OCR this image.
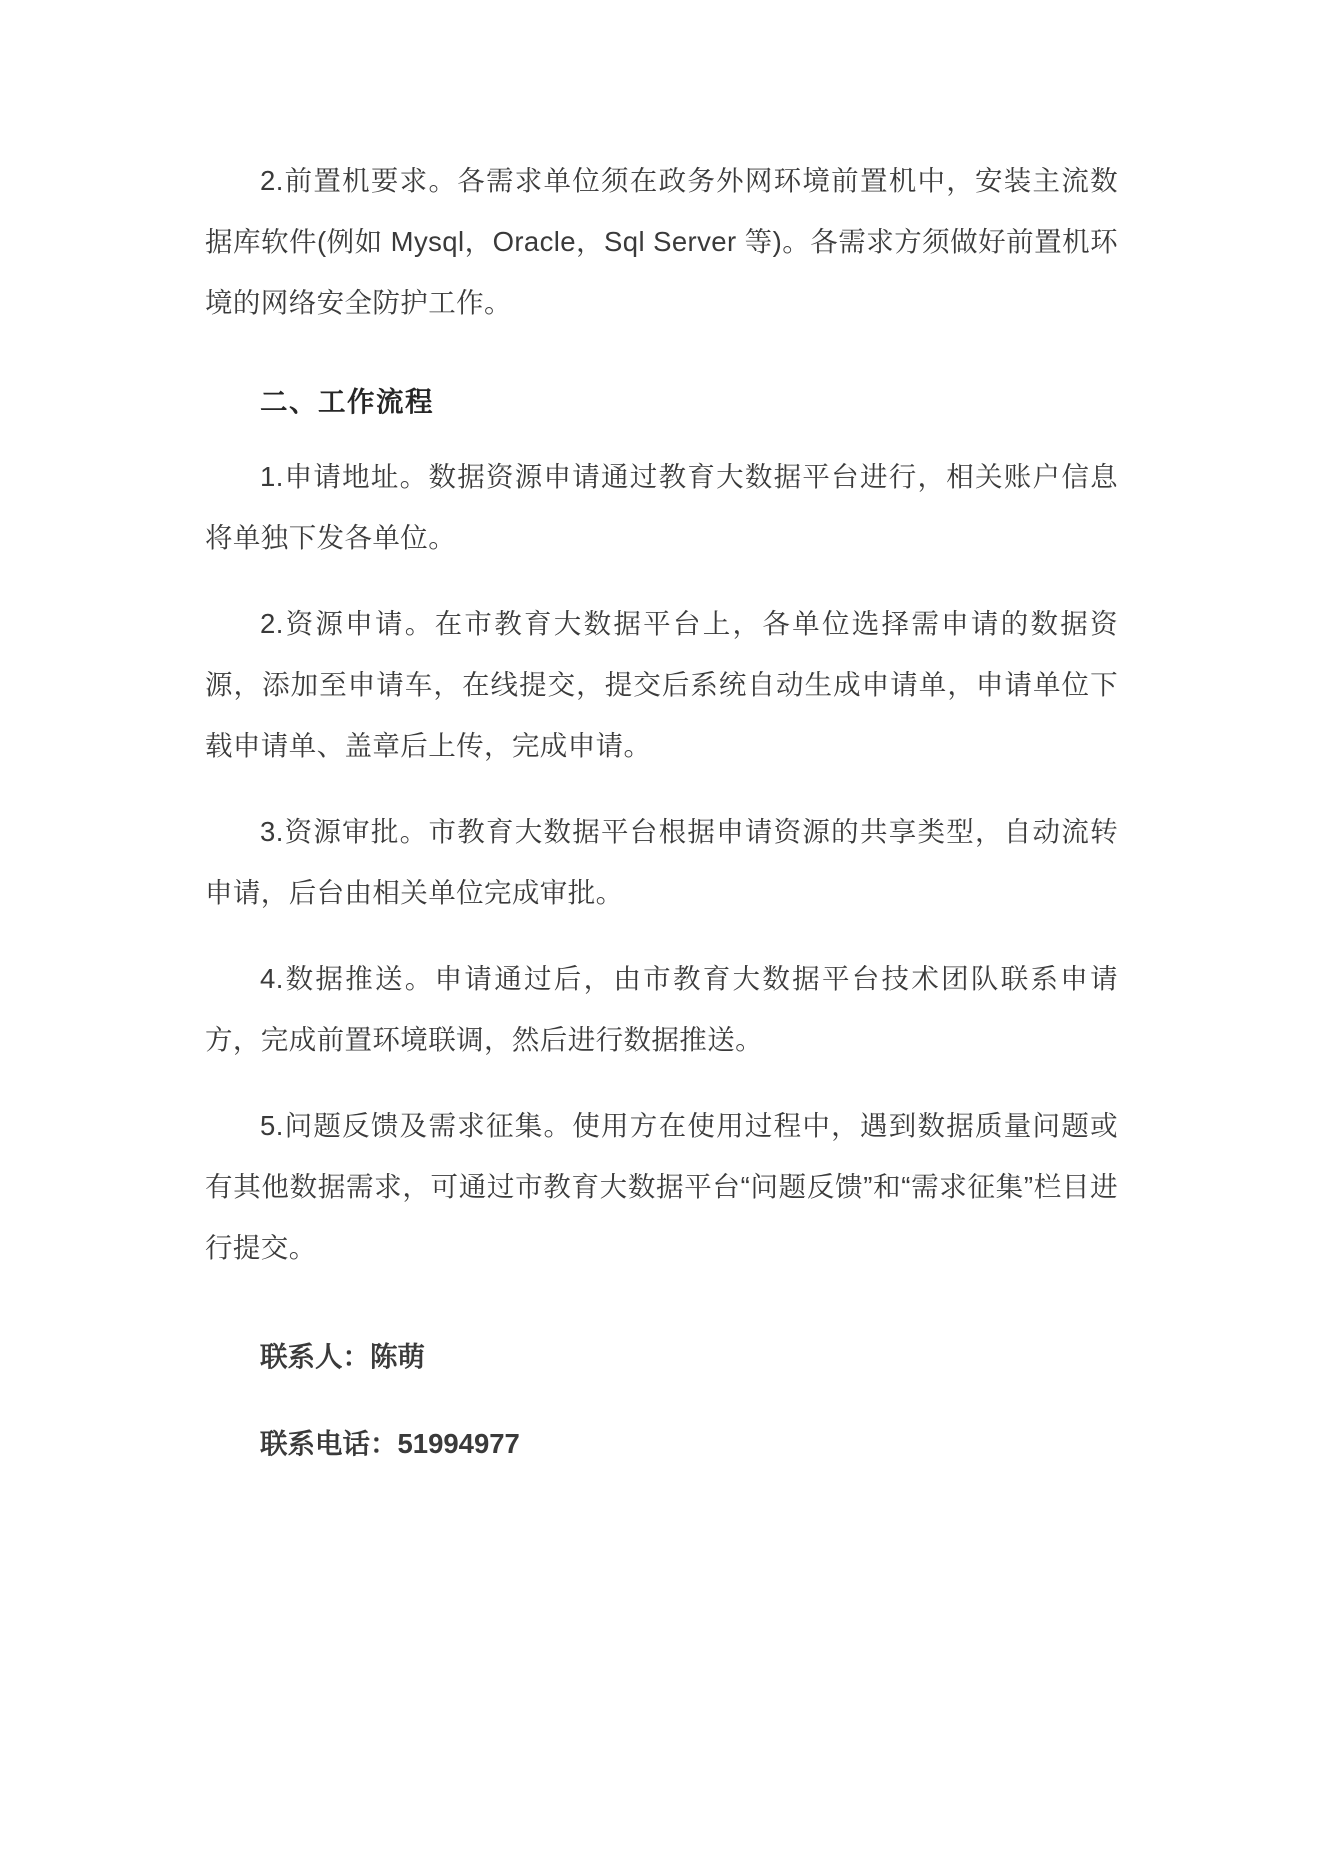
2.前置机要求。各需求单位须在政务外网环境前置机中，安装主流数据库软件(例如 Mysql，Oracle，Sql Server 等)。各需求方须做好前置机环境的网络安全防护工作。

二、工作流程

1.申请地址。数据资源申请通过教育大数据平台进行，相关账户信息将单独下发各单位。

2.资源申请。在市教育大数据平台上，各单位选择需申请的数据资源，添加至申请车，在线提交，提交后系统自动生成申请单，申请单位下载申请单、盖章后上传，完成申请。

3.资源审批。市教育大数据平台根据申请资源的共享类型，自动流转申请，后台由相关单位完成审批。

4.数据推送。申请通过后，由市教育大数据平台技术团队联系申请方，完成前置环境联调，然后进行数据推送。

5.问题反馈及需求征集。使用方在使用过程中，遇到数据质量问题或有其他数据需求，可通过市教育大数据平台“问题反馈”和“需求征集”栏目进行提交。

联系人：陈萌

联系电话：51994977
